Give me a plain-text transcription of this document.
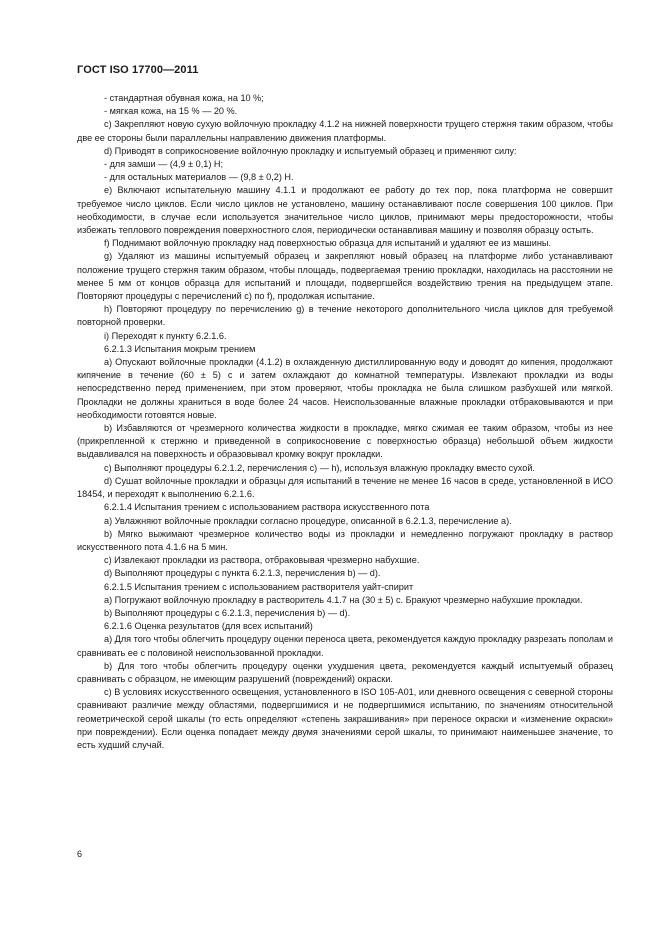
ГОСТ ISO 17700—2011
- стандартная обувная кожа, на 10 %;
- мягкая кожа, на 15 % — 20 %.
c) Закрепляют новую сухую войлочную прокладку 4.1.2 на нижней поверхности трущего стержня таким образом, чтобы две ее стороны были параллельны направлению движения платформы.
d) Приводят в соприкосновение войлочную прокладку и испытуемый образец и применяют силу:
- для замши — (4,9 ± 0,1) Н;
- для остальных материалов — (9,8 ± 0,2) Н.
e) Включают испытательную машину 4.1.1 и продолжают ее работу до тех пор, пока платформа не совершит требуемое число циклов. Если число циклов не установлено, машину останавливают после совершения 100 циклов. При необходимости, в случае если используется значительное число циклов, принимают меры предосторожности, чтобы избежать теплового повреждения поверхностного слоя, периодически останавливая машину и позволяя образцу остыть.
f) Поднимают войлочную прокладку над поверхностью образца для испытаний и удаляют ее из машины.
g) Удаляют из машины испытуемый образец и закрепляют новый образец на платформе либо устанавливают положение трущего стержня таким образом, чтобы площадь, подвергаемая трению прокладки, находилась на расстоянии не менее 5 мм от концов образца для испытаний и площади, подвергшейся воздействию трения на предыдущем этапе. Повторяют процедуры с перечислений c) по f), продолжая испытание.
h) Повторяют процедуру по перечислению g) в течение некоторого дополнительного числа циклов для требуемой повторной проверки.
i) Переходят к пункту 6.2.1.6.
6.2.1.3 Испытания мокрым трением
a) Опускают войлочные прокладки (4.1.2) в охлажденную дистиллированную воду и доводят до кипения, продолжают кипячение в течение (60 ± 5) с и затем охлаждают до комнатной температуры. Извлекают прокладки из воды непосредственно перед применением, при этом проверяют, чтобы прокладка не была слишком разбухшей или мягкой. Прокладки не должны храниться в воде более 24 часов. Неиспользованные влажные прокладки отбраковываются и при необходимости готовятся новые.
b) Избавляются от чрезмерного количества жидкости в прокладке, мягко сжимая ее таким образом, чтобы из нее (прикрепленной к стержню и приведенной в соприкосновение с поверхностью образца) небольшой объем жидкости выдавливался на поверхность и образовывал кромку вокруг прокладки.
c) Выполняют процедуры 6.2.1.2, перечисления c) — h), используя влажную прокладку вместо сухой.
d) Сушат войлочные прокладки и образцы для испытаний в течение не менее 16 часов в среде, установленной в ИСО 18454, и переходят к выполнению 6.2.1.6.
6.2.1.4 Испытания трением с использованием раствора искусственного пота
a) Увлажняют войлочные прокладки согласно процедуре, описанной в 6.2.1.3, перечисление a).
b) Мягко выжимают чрезмерное количество воды из прокладки и немедленно погружают прокладку в раствор искусственного пота 4.1.6 на 5 мин.
c) Извлекают прокладки из раствора, отбраковывая чрезмерно набухшие.
d) Выполняют процедуры с пункта 6.2.1.3, перечисления b) — d).
6.2.1.5 Испытания трением с использованием растворителя уайт-спирит
a) Погружают войлочную прокладку в растворитель 4.1.7 на (30 ± 5) с. Бракуют чрезмерно набухшие прокладки.
b) Выполняют процедуры с 6.2.1.3, перечисления b) — d).
6.2.1.6 Оценка результатов (для всех испытаний)
a) Для того чтобы облегчить процедуру оценки переноса цвета, рекомендуется каждую прокладку разрезать пополам и сравнивать ее с половиной неиспользованной прокладки.
b) Для того чтобы облегчить процедуру оценки ухудшения цвета, рекомендуется каждый испытуемый образец сравнивать с образцом, не имеющим разрушений (повреждений) окраски.
c) В условиях искусственного освещения, установленного в ISO 105-A01, или дневного освещения с северной стороны сравнивают различие между областями, подвергшимися и не подвергшимися испытанию, по значениям относительной геометрической серой шкалы (то есть определяют «степень закрашивания» при переносе окраски и «изменение окраски» при повреждении). Если оценка попадает между двумя значениями серой шкалы, то принимают наименьшее значение, то есть худший случай.
6
